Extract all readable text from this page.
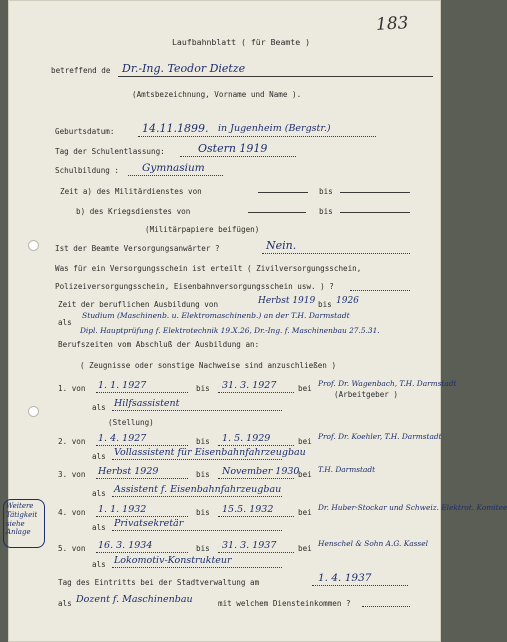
183
Laufbahnblatt ( für Beamte )
betreffend de Dr.-Ing. Teodor Dietze
(Amtsbezeichnung, Vorname und Name ).
Geburtsdatum:	14.11.1899. in Jugenheim (Bergstr.)
Tag der Schulentlassung:	Ostern 1919
Schulbildung : Gymnasium
Zeit a) des Militärdienstes von	bis
b) des Kriegsdienstes von	bis
(Militärpapiere beifügen)
Ist der Beamte Versorgungsanwärter ?	Nein.
Was für ein Versorgungsschein ist erteilt ( Zivilversorgungsschein,
Polizeiversorgungsschein, Eisenbahnversorgungsschein usw. ) ?
Zeit der beruflichen Ausbildung von	Herbst 1919 bis 1926
als
Studium (Maschinenb. u. Elektromaschinenb.) an der T.H. Darmstadt
Dipl. Hauptprüfung f. Elektrotechnik 19.X.26, Dr.-Ing. f. Maschinenbau 27.5.31.
Berufszeiten vom Abschluß der Ausbildung an:
( Zeugnisse oder sonstige Nachweise sind anzuschließen )
1. von 1. 1. 1927	bis 31. 3. 1927	bei
Prof. Dr. Wagenbach, T.H. Darmstadt
als Hilfsassistent
2. von 1. 4. 1927	bis 1. 5. 1929	bei
Prof. Dr. Koehler, T.H. Darmstadt
als Vollassistent für Eisenbahnfahrzeugbau
3. von Herbst 1929	bis November 1930
bei
T.H. Darmstadt
als Assistent f. Eisenbahnfahrzeugbau
4. von 1. 1. 1932	bis 15.5. 1932	bei
Dr. Huber-Stockar und Schweiz. Elektrot. Komitee
als Privatsekretär
5. von 16. 3. 1934	bis 31. 3. 1937	bei
Henschel & Sohn A.G. Kassel
als Lokomotiv-Konstrukteur
(Stellung)
(Arbeitgeber )
Weitere
Tätigkeit
siehe
Anlage
Tag des Eintritts bei der Stadtverwaltung am	1. 4. 1937
als Dozent f. Maschinenbau	mit welchem Diensteinkommen ?
